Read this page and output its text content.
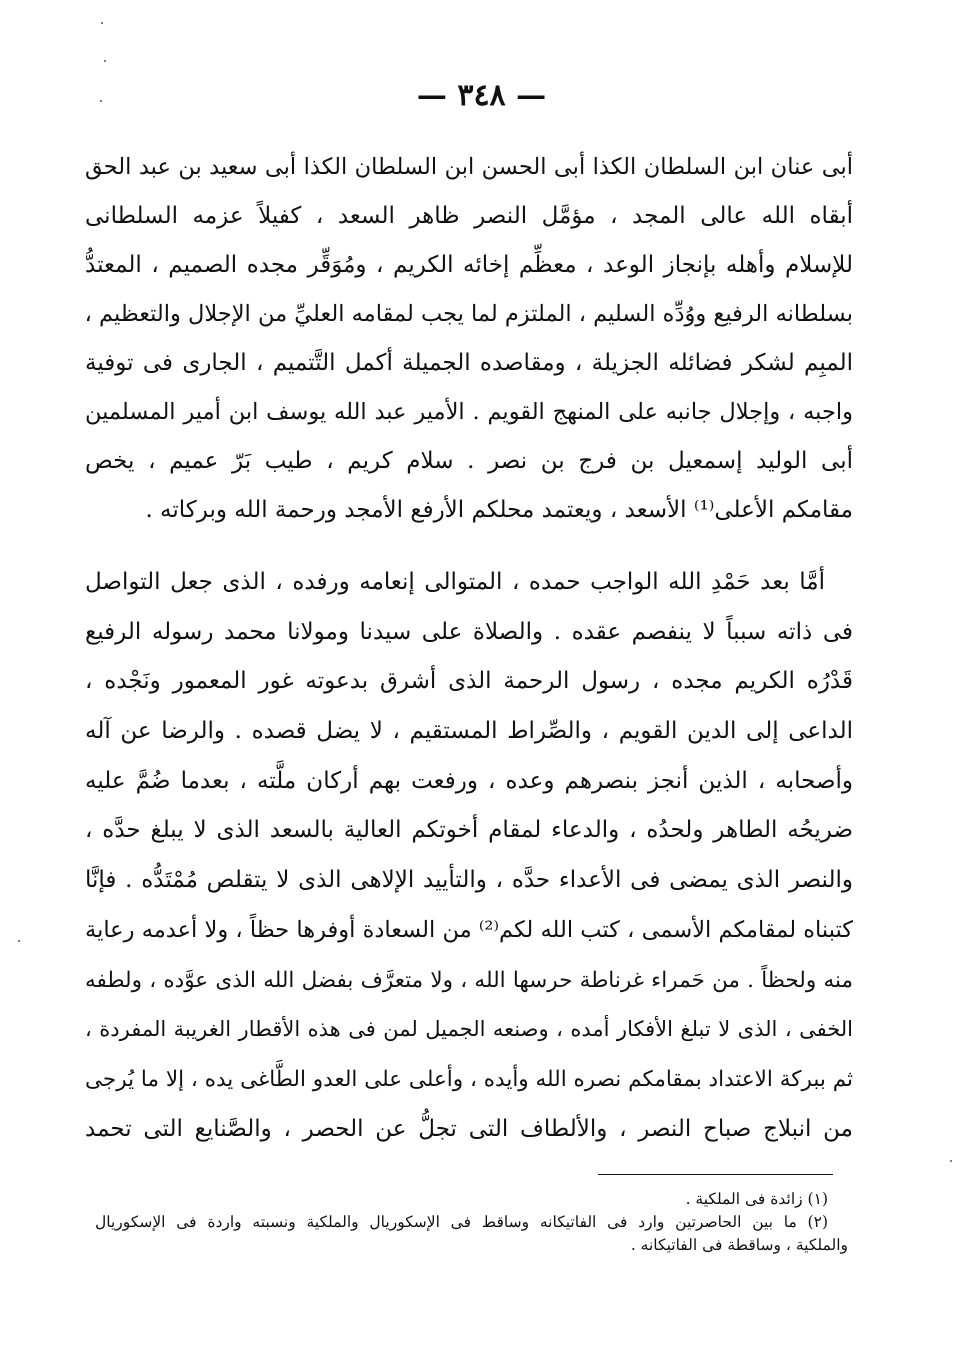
— ٣٤٨ —
أبى عنان ابن السلطان الكذا أبى الحسن ابن السلطان الكذا أبى سعيد بن عبد الحق
أبقاه الله عالى المجد ، مؤمَّل النصر ظاهر السعد ، كفيلاً عزمه السلطانى
للإسلام وأهله بإنجاز الوعد ، معظِّم إخائه الكريم ، ومُوَقِّر مجده الصميم ، المعتدُّ
بسلطانه الرفيع ووُدِّه السليم ، الملتزم لما يجب لمقامه العليِّ من الإجلال والتعظيم ،
المبِم لشكر فضائله الجزيلة ، ومقاصده الجميلة أكمل التَّتميم ، الجارى فى توفية
واجبه ، وإجلال جانبه على المنهج القويم . الأمير عبد الله يوسف ابن أمير المسلمين
أبى الوليد إسمعيل بن فرج بن نصر . سلام كريم ، طيب بَرّ عميم ، يخص
مقامكم الأعلى⁽¹⁾ الأسعد ، ويعتمد محلكم الأرفع الأمجد ورحمة الله وبركاته .
أمَّا بعد حَمْدِ الله الواجب حمده ، المتوالى إنعامه ورفده ، الذى جعل التواصل
فى ذاته سبباً لا ينفصم عقده . والصلاة على سيدنا ومولانا محمد رسوله الرفيع
قَدْرُه الكريم مجده ، رسول الرحمة الذى أشرق بدعوته غور المعمور ونَجْده ،
الداعى إلى الدين القويم ، والصِّراط المستقيم ، لا يضل قصده . والرضا عن آله
وأصحابه ، الذين أنجز بنصرهم وعده ، ورفعت بهم أركان ملَّته ، بعدما ضُمَّ عليه
ضريحُه الطاهر ولحدُه ، والدعاء لمقام أخوتكم العالية بالسعد الذى لا يبلغ حدَّه ،
والنصر الذى يمضى فى الأعداء حدَّه ، والتأييد الإلاهى الذى لا يتقلص مُمْتَدُّه . فإنَّا
كتبناه لمقامكم الأسمى ، كتب الله لكم⁽²⁾ من السعادة أوفرها حظاً ، ولا أعدمه رعاية
منه ولحظاً . من حَمراء غرناطة حرسها الله ، ولا متعرَّف بفضل الله الذى عوَّده ، ولطفه
الخفى ، الذى لا تبلغ الأفكار أمده ، وصنعه الجميل لمن فى هذه الأقطار الغريبة المفردة ،
ثم ببركة الاعتداد بمقامكم نصره الله وأيده ، وأعلى على العدو الطَّاغى يده ، إلا ما يُرجى
من انبلاج صباح النصر ، والألطاف التى تجلُّ عن الحصر ، والصَّنايع التى تحمد
(١) زائدة فى الملكية .
(٢) ما بين الحاصرتين وارد فى الفاتيكانه وساقط فى الإسكوريال والملكية ونسبته واردة فى الإسكوريال
والملكية ، وساقطة فى الفاتيكانه .
